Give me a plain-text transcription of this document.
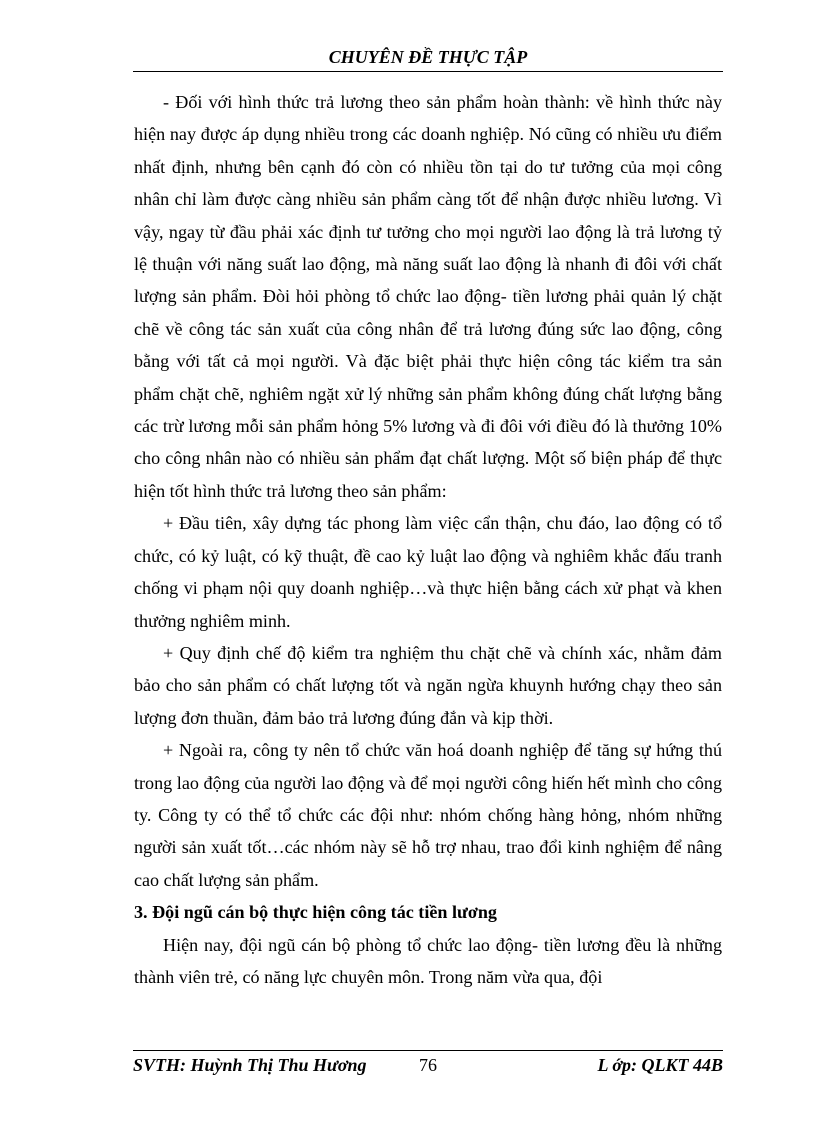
CHUYÊN ĐỀ THỰC TẬP

- Đối với hình thức trả lương theo sản phẩm hoàn thành: về hình thức này hiện nay được áp dụng nhiều trong các doanh nghiệp. Nó cũng có nhiều ưu điểm nhất định, nhưng bên cạnh đó còn có nhiều tồn tại do tư tưởng của mọi công nhân chỉ làm được càng nhiều sản phẩm càng tốt để nhận được nhiều lương. Vì vậy, ngay từ đầu phải xác định tư tưởng cho mọi người lao động là trả lương tỷ lệ thuận với năng suất lao động, mà năng suất lao động là nhanh đi đôi với chất lượng sản phẩm. Đòi hỏi phòng tổ chức lao động- tiền lương phải quản lý chặt chẽ về công tác sản xuất của công nhân để trả lương đúng sức lao động, công bằng với tất cả mọi người. Và đặc biệt phải thực hiện công tác kiểm tra sản phẩm chặt chẽ, nghiêm ngặt xử lý những sản phẩm không đúng chất lượng bằng các trừ lương mỗi sản phẩm hỏng 5% lương và đi đôi với điều đó là thưởng 10% cho công nhân nào có nhiều sản phẩm đạt chất lượng. Một số biện pháp để thực hiện tốt hình thức trả lương theo sản phẩm:

+ Đầu tiên, xây dựng tác phong làm việc cẩn thận, chu đáo, lao động có tổ chức, có kỷ luật, có kỹ thuật, đề cao kỷ luật lao động và nghiêm khắc đấu tranh chống vi phạm nội quy doanh nghiệp…và thực hiện bằng cách xử phạt và khen thưởng nghiêm minh.

+ Quy định chế độ kiểm tra nghiệm thu chặt chẽ và chính xác, nhằm đảm bảo cho sản phẩm có chất lượng tốt và ngăn ngừa khuynh hướng chạy theo sản lượng đơn thuần, đảm bảo trả lương đúng đắn và kịp thời.

+ Ngoài ra, công ty nên tổ chức văn hoá doanh nghiệp để tăng sự hứng thú trong lao động của người lao động và để mọi người công hiến hết mình cho công ty. Công ty có thể tổ chức các đội như: nhóm chống hàng hỏng, nhóm những người sản xuất tốt…các nhóm này sẽ hỗ trợ nhau, trao đổi kinh nghiệm để nâng cao chất lượng sản phẩm.

3. Đội ngũ cán bộ thực hiện công tác tiền lương

Hiện nay, đội ngũ cán bộ phòng tổ chức lao động- tiền lương đều là những thành viên trẻ, có năng lực chuyên môn. Trong năm vừa qua, đội

SVTH: Huỳnh Thị Thu Hương	76	L ớp: QLKT 44B
